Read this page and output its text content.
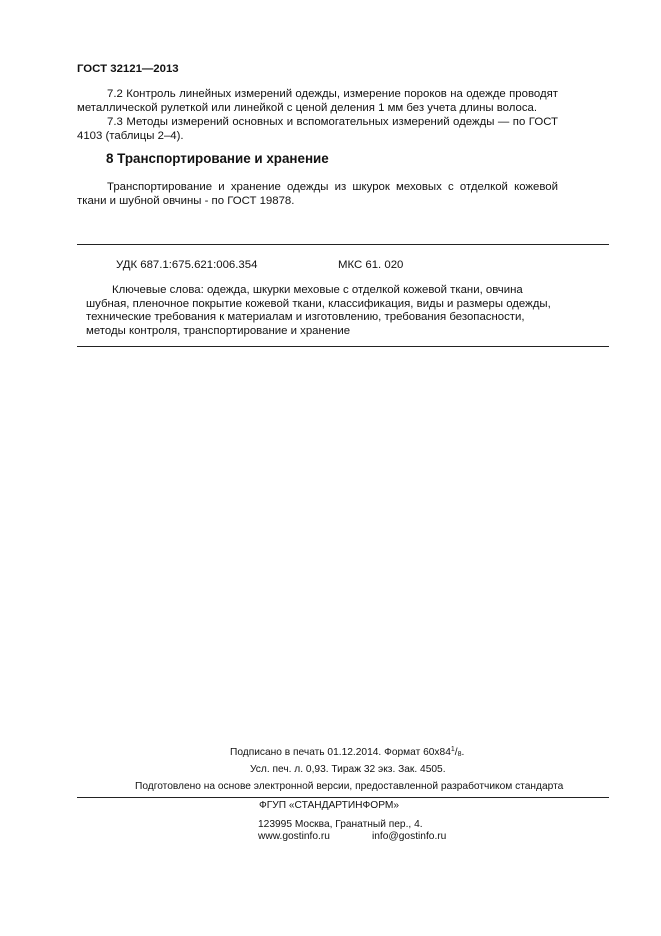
ГОСТ 32121—2013
7.2 Контроль линейных измерений одежды, измерение пороков на одежде проводят металлической рулеткой или линейкой с ценой деления 1 мм без учета длины волоса.
7.3 Методы измерений основных и вспомогательных измерений одежды — по ГОСТ 4103 (таблицы 2–4).
8 Транспортирование и хранение
Транспортирование и хранение одежды из шкурок меховых с отделкой кожевой ткани и шубной овчины - по ГОСТ 19878.
УДК 687.1:675.621:006.354	МКС 61. 020
Ключевые слова: одежда, шкурки меховые с отделкой кожевой ткани, овчина шубная, пленочное покрытие кожевой ткани, классификация, виды и размеры одежды, технические требования к материалам и изготовлению, требования безопасности, методы контроля, транспортирование и хранение
Подписано в печать 01.12.2014. Формат $60х84^1/_8$.
Усл. печ. л. 0,93. Тираж 32 экз. Зак. 4505.
Подготовлено на основе электронной версии, предоставленной разработчиком стандарта
ФГУП «СТАНДАРТИНФОРМ»
123995 Москва, Гранатный пер., 4.
www.gostinfo.ru	info@gostinfo.ru
